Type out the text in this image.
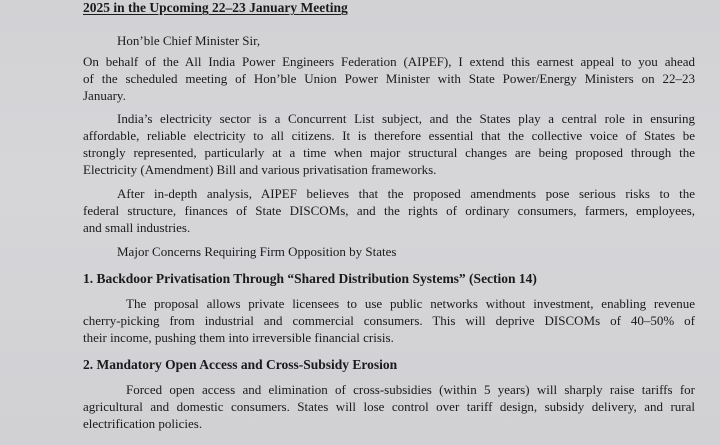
2025 in the Upcoming 22–23 January Meeting
Hon’ble Chief Minister Sir,
On behalf of the All India Power Engineers Federation (AIPEF), I extend this earnest appeal to you ahead
of the scheduled meeting of Hon’ble Union Power Minister with State Power/Energy Ministers on 22–23
January.
India’s electricity sector is a Concurrent List subject, and the States play a central role in ensuring
affordable, reliable electricity to all citizens. It is therefore essential that the collective voice of States be
strongly represented, particularly at a time when major structural changes are being proposed through the
Electricity (Amendment) Bill and various privatisation frameworks.
After in-depth analysis, AIPEF believes that the proposed amendments pose serious risks to the
federal structure, finances of State DISCOMs, and the rights of ordinary consumers, farmers, employees,
and small industries.
Major Concerns Requiring Firm Opposition by States
1. Backdoor Privatisation Through “Shared Distribution Systems” (Section 14)
The proposal allows private licensees to use public networks without investment, enabling revenue
cherry-picking from industrial and commercial consumers. This will deprive DISCOMs of 40–50% of
their income, pushing them into irreversible financial crisis.
2. Mandatory Open Access and Cross-Subsidy Erosion
Forced open access and elimination of cross-subsidies (within 5 years) will sharply raise tariffs for
agricultural and domestic consumers. States will lose control over tariff design, subsidy delivery, and rural
electrification policies.
